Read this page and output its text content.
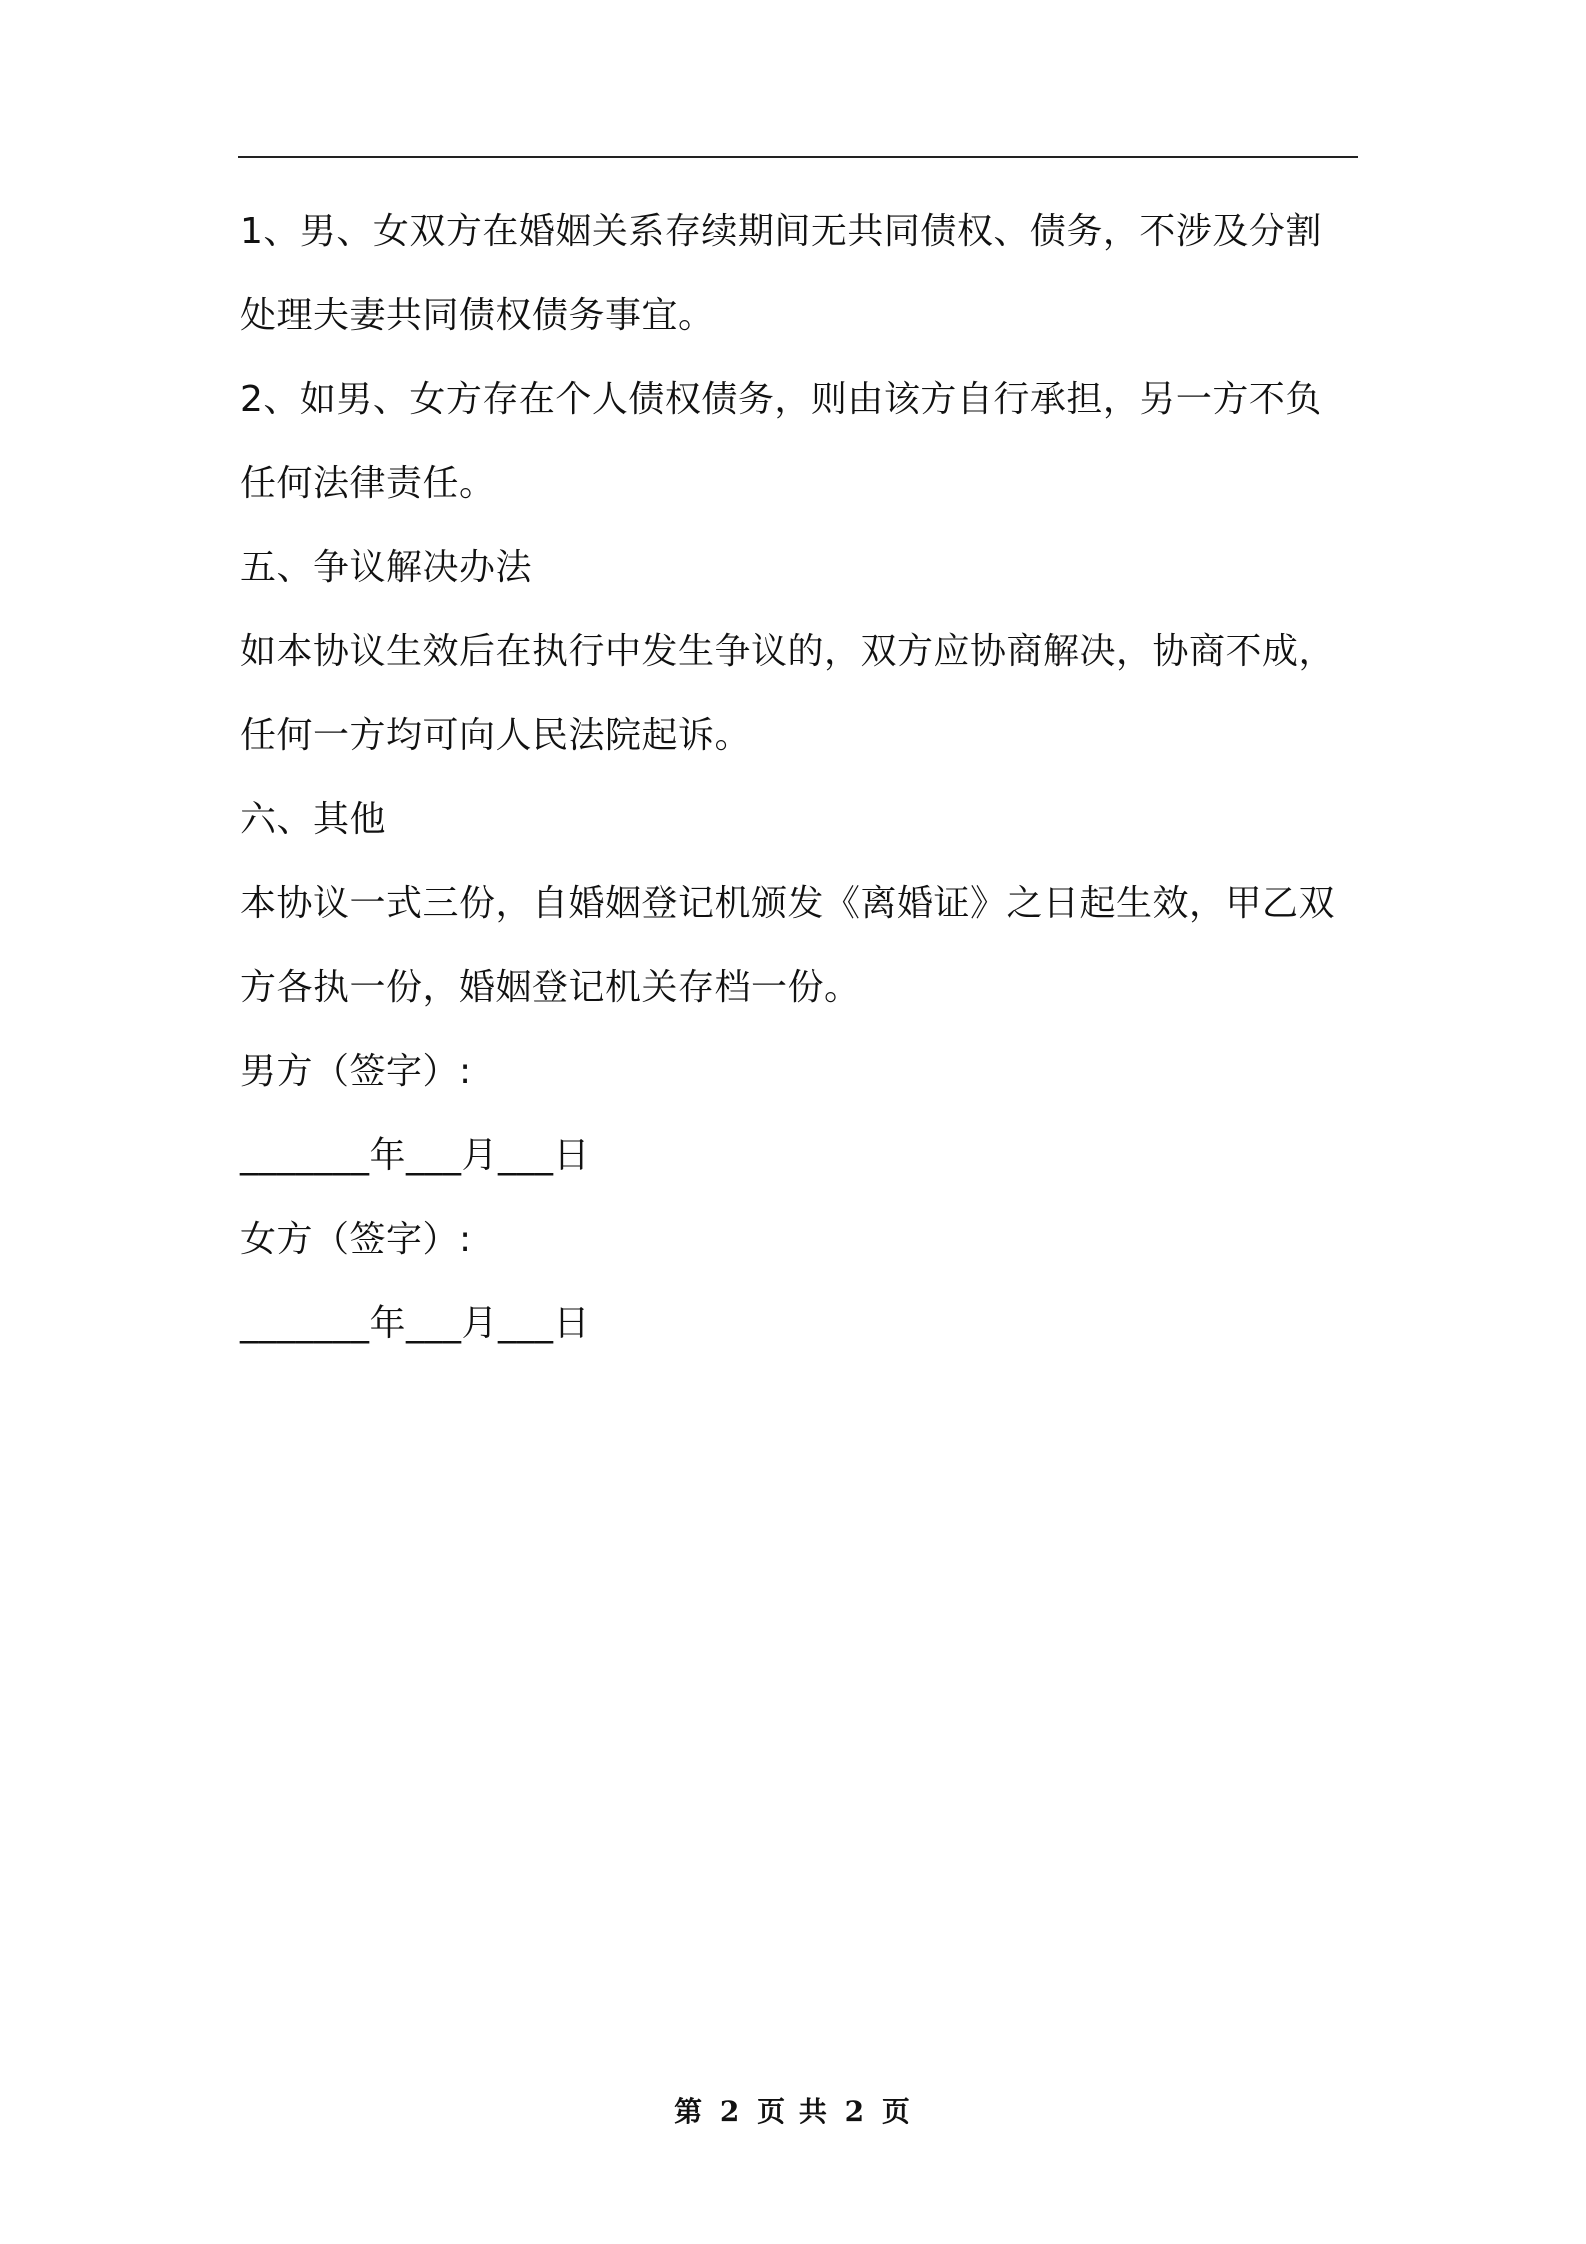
1、男、女双方在婚姻关系存续期间无共同债权、债务，不涉及分割
处理夫妻共同债权债务事宜。
2、如男、女方存在个人债权债务，则由该方自行承担，另一方不负
任何法律责任。
五、争议解决办法
如本协议生效后在执行中发生争议的，双方应协商解决，协商不成，
任何一方均可向人民法院起诉。
六、其他
本协议一式三份，自婚姻登记机颁发《离婚证》之日起生效，甲乙双
方各执一份，婚姻登记机关存档一份。
男方（签字）:
_______年___月___日
女方（签字）:
_______年___月___日
第 2 页 共 2 页
